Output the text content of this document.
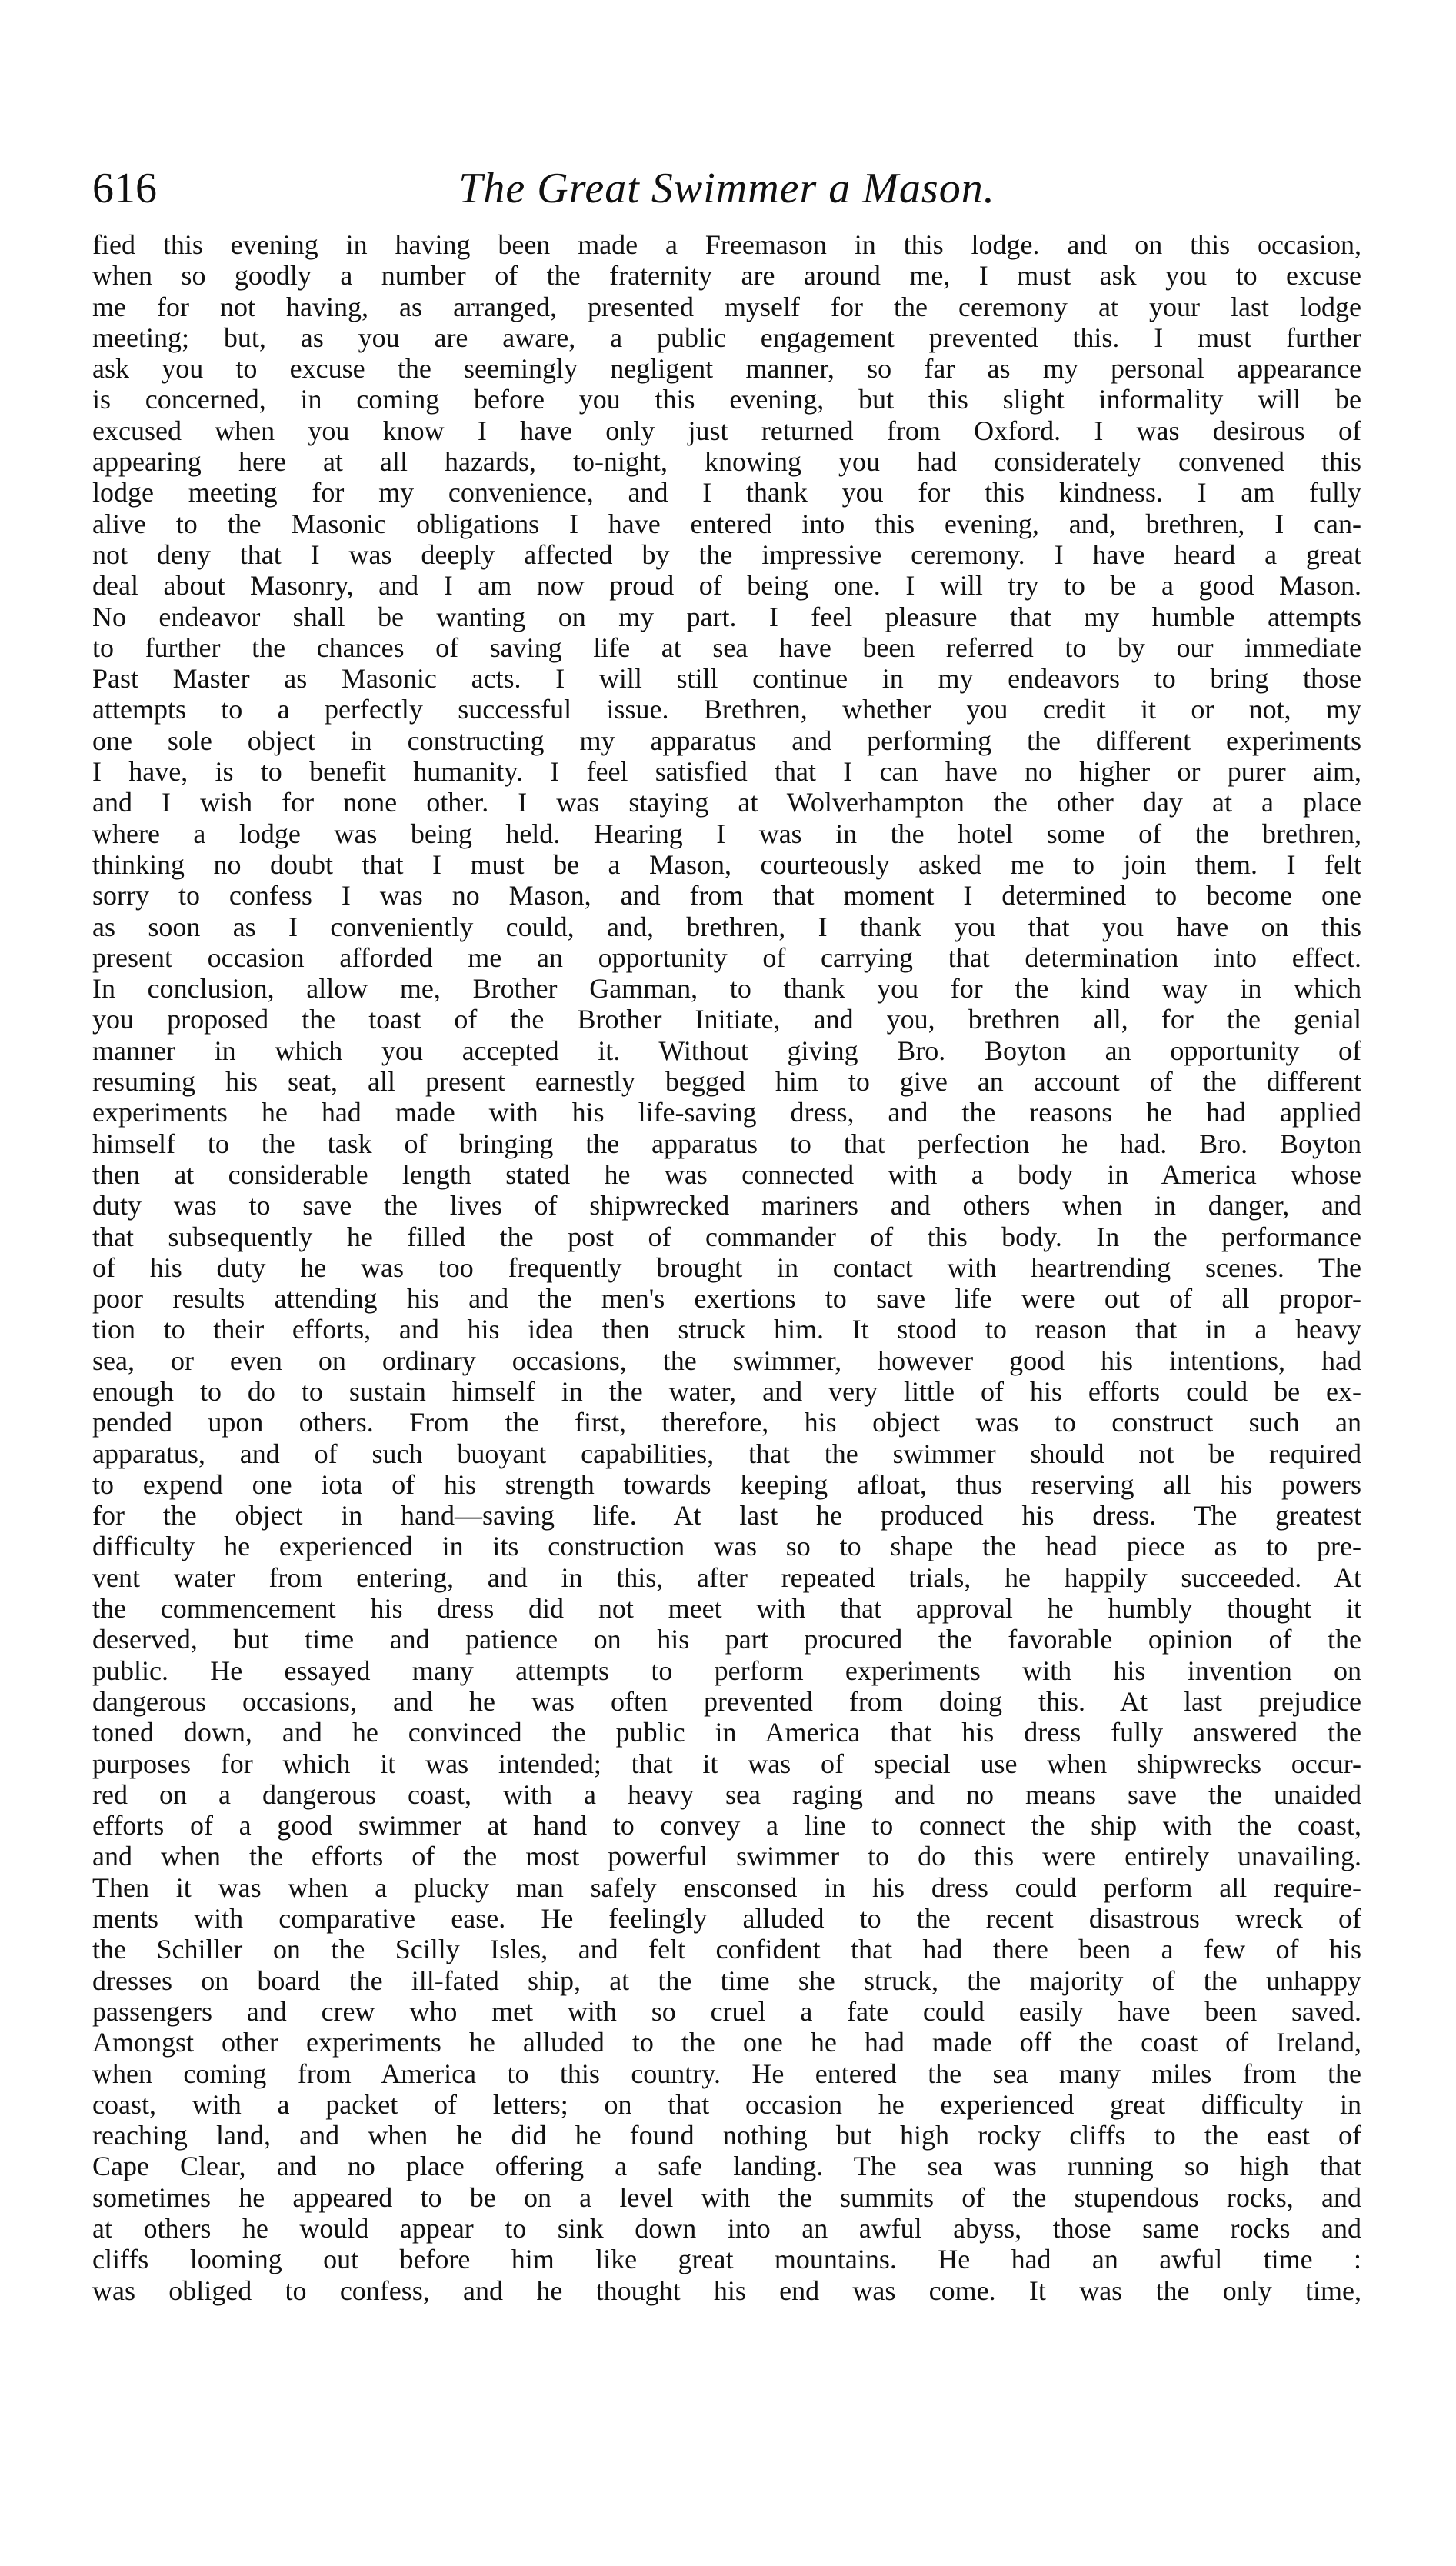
616	The Great Swimmer a Mason.
fied this evening in having been made a Freemason in this lodge. and on this occasion,
when so goodly a number of the fraternity are around me, I must ask you to excuse
me for not having, as arranged, presented myself for the ceremony at your last lodge
meeting; but, as you are aware, a public engagement prevented this. I must further
ask you to excuse the seemingly negligent manner, so far as my personal appearance
is concerned, in coming before you this evening, but this slight informality will be
excused when you know I have only just returned from Oxford. I was desirous of
appearing here at all hazards, to-night, knowing you had considerately convened this
lodge meeting for my convenience, and I thank you for this kindness. I am fully
alive to the Masonic obligations I have entered into this evening, and, brethren, I can-
not deny that I was deeply affected by the impressive ceremony. I have heard a great
deal about Masonry, and I am now proud of being one. I will try to be a good Mason.
No endeavor shall be wanting on my part. I feel pleasure that my humble attempts
to further the chances of saving life at sea have been referred to by our immediate
Past Master as Masonic acts. I will still continue in my endeavors to bring those
attempts to a perfectly successful issue. Brethren, whether you credit it or not, my
one sole object in constructing my apparatus and performing the different experiments
I have, is to benefit humanity. I feel satisfied that I can have no higher or purer aim,
and I wish for none other. I was staying at Wolverhampton the other day at a place
where a lodge was being held. Hearing I was in the hotel some of the brethren,
thinking no doubt that I must be a Mason, courteously asked me to join them. I felt
sorry to confess I was no Mason, and from that moment I determined to become one
as soon as I conveniently could, and, brethren, I thank you that you have on this
present occasion afforded me an opportunity of carrying that determination into effect.
In conclusion, allow me, Brother Gamman, to thank you for the kind way in which
you proposed the toast of the Brother Initiate, and you, brethren all, for the genial
manner in which you accepted it. Without giving Bro. Boyton an opportunity of
resuming his seat, all present earnestly begged him to give an account of the different
experiments he had made with his life-saving dress, and the reasons he had applied
himself to the task of bringing the apparatus to that perfection he had. Bro. Boyton
then at considerable length stated he was connected with a body in America whose
duty was to save the lives of shipwrecked mariners and others when in danger, and
that subsequently he filled the post of commander of this body. In the performance
of his duty he was too frequently brought in contact with heartrending scenes. The
poor results attending his and the men's exertions to save life were out of all propor-
tion to their efforts, and his idea then struck him. It stood to reason that in a heavy
sea, or even on ordinary occasions, the swimmer, however good his intentions, had
enough to do to sustain himself in the water, and very little of his efforts could be ex-
pended upon others. From the first, therefore, his object was to construct such an
apparatus, and of such buoyant capabilities, that the swimmer should not be required
to expend one iota of his strength towards keeping afloat, thus reserving all his powers
for the object in hand—saving life. At last he produced his dress. The greatest
difficulty he experienced in its construction was so to shape the head piece as to pre-
vent water from entering, and in this, after repeated trials, he happily succeeded. At
the commencement his dress did not meet with that approval he humbly thought it
deserved, but time and patience on his part procured the favorable opinion of the
public. He essayed many attempts to perform experiments with his invention on
dangerous occasions, and he was often prevented from doing this. At last prejudice
toned down, and he convinced the public in America that his dress fully answered the
purposes for which it was intended; that it was of special use when shipwrecks occur-
red on a dangerous coast, with a heavy sea raging and no means save the unaided
efforts of a good swimmer at hand to convey a line to connect the ship with the coast,
and when the efforts of the most powerful swimmer to do this were entirely unavailing.
Then it was when a plucky man safely ensconsed in his dress could perform all require-
ments with comparative ease. He feelingly alluded to the recent disastrous wreck of
the Schiller on the Scilly Isles, and felt confident that had there been a few of his
dresses on board the ill-fated ship, at the time she struck, the majority of the unhappy
passengers and crew who met with so cruel a fate could easily have been saved.
Amongst other experiments he alluded to the one he had made off the coast of Ireland,
when coming from America to this country. He entered the sea many miles from the
coast, with a packet of letters; on that occasion he experienced great difficulty in
reaching land, and when he did he found nothing but high rocky cliffs to the east of
Cape Clear, and no place offering a safe landing. The sea was running so high that
sometimes he appeared to be on a level with the summits of the stupendous rocks, and
at others he would appear to sink down into an awful abyss, those same rocks and
cliffs looming out before him like great mountains. He had an awful time :
was obliged to confess, and he thought his end was come. It was the only time,
